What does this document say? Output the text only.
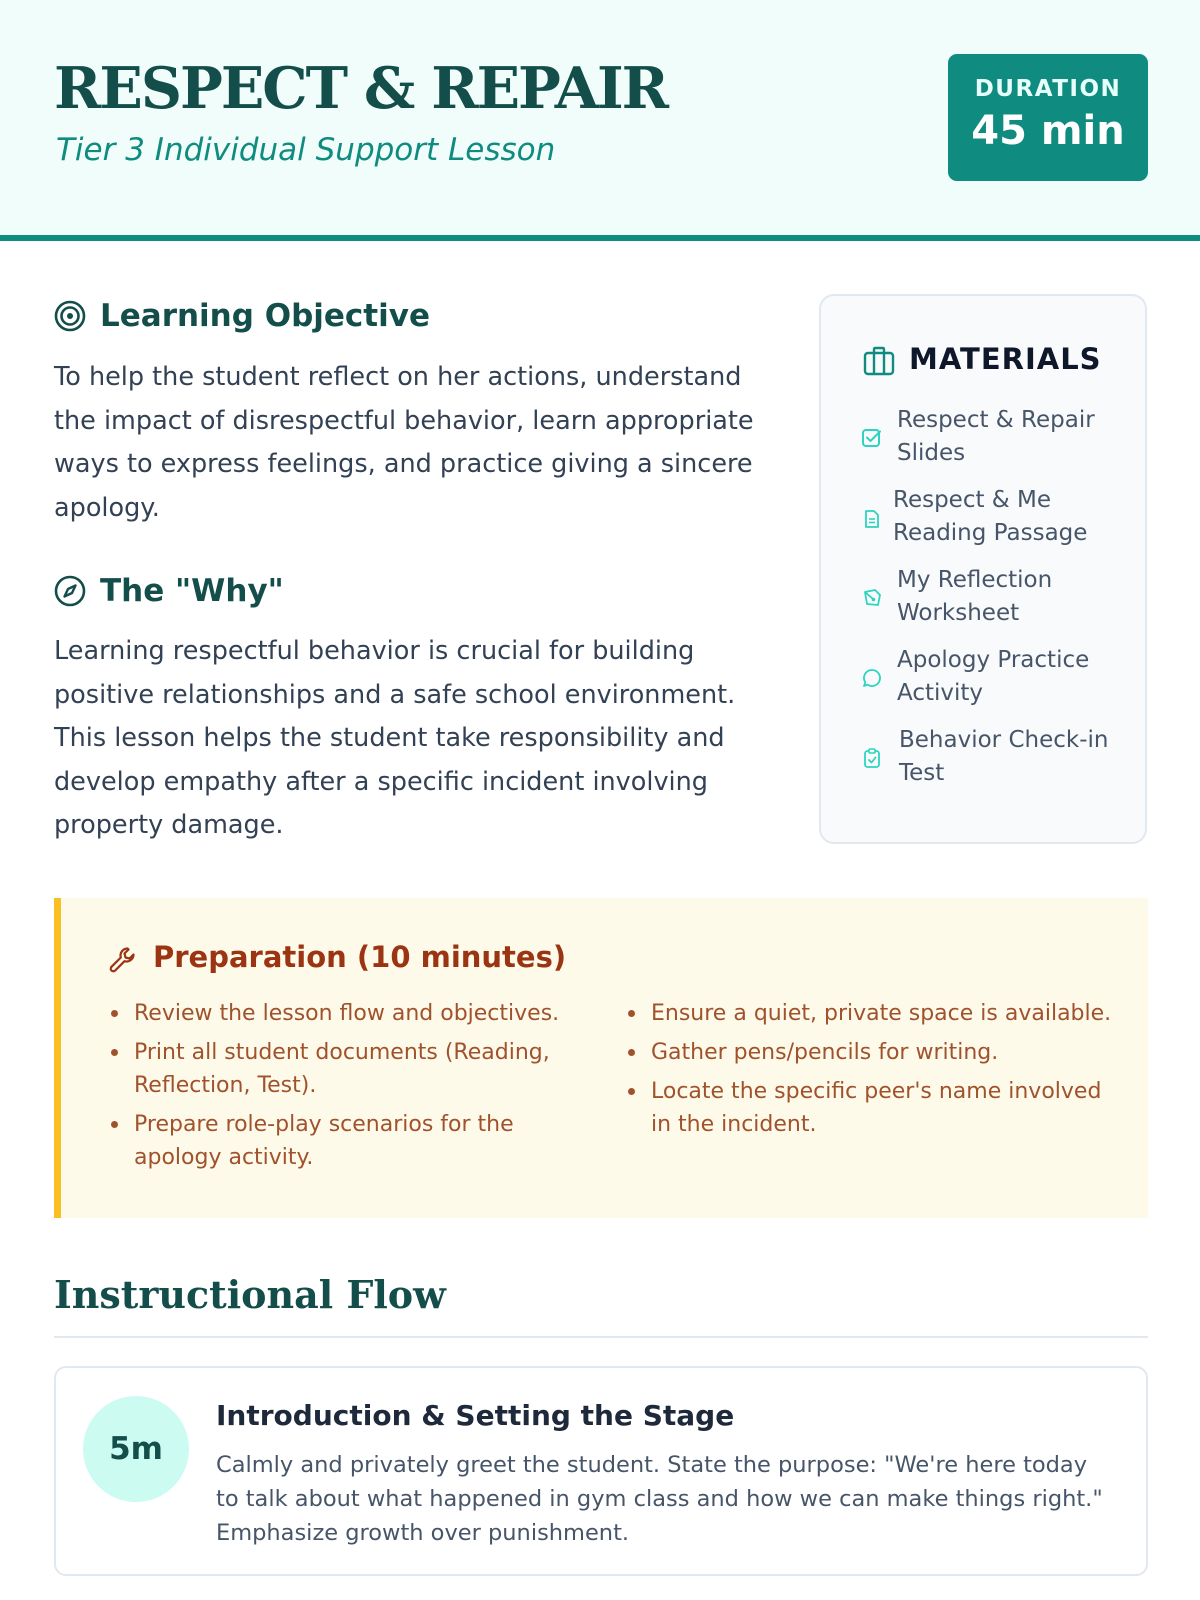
RESPECT & REPAIR
Tier 3 Individual Support Lesson
DURATION
45 min
Learning Objective

To help the student reflect on her actions, understand the impact of disrespectful behavior, learn appropriate ways to express feelings, and practice giving a sincere apology.

The "Why"

Learning respectful behavior is crucial for building positive relationships and a safe school environment. This lesson helps the student take responsibility and develop empathy after a specific incident involving property damage.

MATERIALS
Respect & Repair Slides
Respect & Me Reading Passage
My Reflection Worksheet
Apology Practice Activity
Behavior Check-in Test
Preparation (10 minutes)
Review the lesson flow and objectives.
Print all student documents (Reading, Reflection, Test).
Prepare role-play scenarios for the apology activity.
Ensure a quiet, private space is available.
Gather pens/pencils for writing.
Locate the specific peer's name involved in the incident.
Instructional Flow
5m
Introduction & Setting the Stage

Calmly and privately greet the student. State the purpose: "We're here today to talk about what happened in gym class and how we can make things right." Emphasize growth over punishment.
